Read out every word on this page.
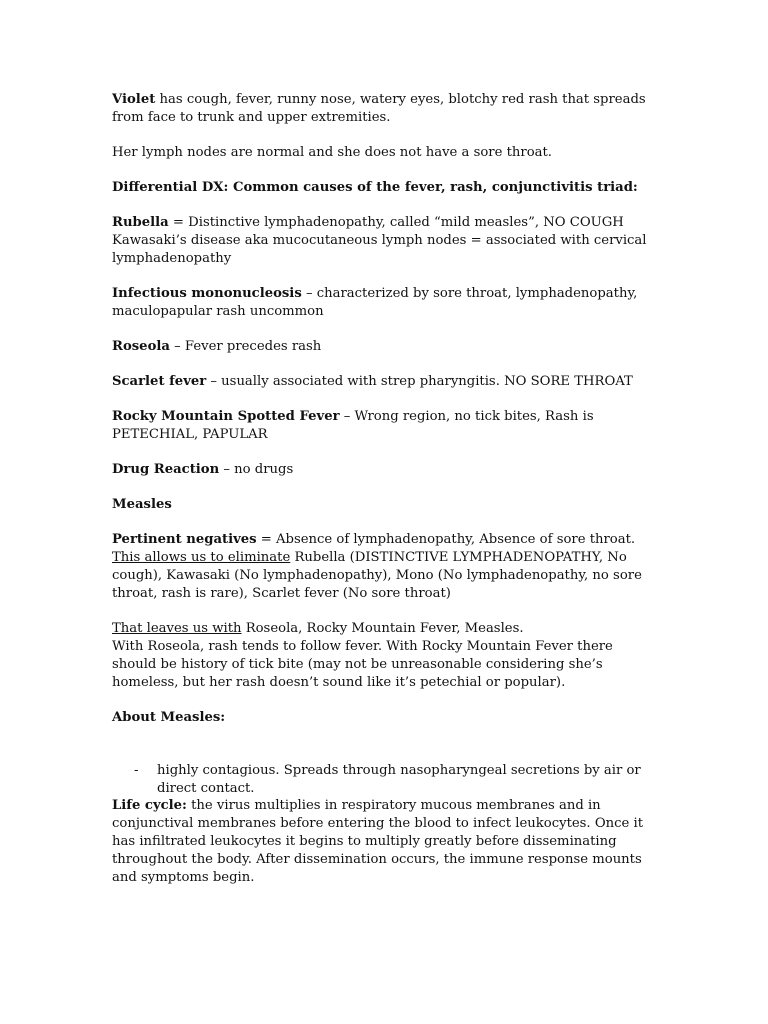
Violet has cough, fever, runny nose, watery eyes, blotchy red rash that spreads from face to trunk and upper extremities.

Her lymph nodes are normal and she does not have a sore throat.

Differential DX: Common causes of the fever, rash, conjunctivitis triad:

Rubella = Distinctive lymphadenopathy, called “mild measles”, NO COUGH
Kawasaki’s disease aka mucocutaneous lymph nodes = associated with cervical lymphadenopathy

Infectious mononucleosis – characterized by sore throat, lymphadenopathy, maculopapular rash uncommon

Roseola – Fever precedes rash

Scarlet fever – usually associated with strep pharyngitis. NO SORE THROAT

Rocky Mountain Spotted Fever – Wrong region, no tick bites, Rash is PETECHIAL, PAPULAR

Drug Reaction – no drugs

Measles

Pertinent negatives = Absence of lymphadenopathy, Absence of sore throat.
This allows us to eliminate Rubella (DISTINCTIVE LYMPHADENOPATHY, No cough), Kawasaki (No lymphadenopathy), Mono (No lymphadenopathy, no sore throat, rash is rare), Scarlet fever (No sore throat)
That leaves us with Roseola, Rocky Mountain Fever, Measles.
With Roseola, rash tends to follow fever. With Rocky Mountain Fever there should be history of tick bite (may not be unreasonable considering she’s homeless, but her rash doesn’t sound like it’s petechial or popular).

About Measles:

- highly contagious. Spreads through nasopharyngeal secretions by air or direct contact.

Life cycle: the virus multiplies in respiratory mucous membranes and in conjunctival membranes before entering the blood to infect leukocytes. Once it has infiltrated leukocytes it begins to multiply greatly before disseminating throughout the body. After dissemination occurs, the immune response mounts and symptoms begin.
